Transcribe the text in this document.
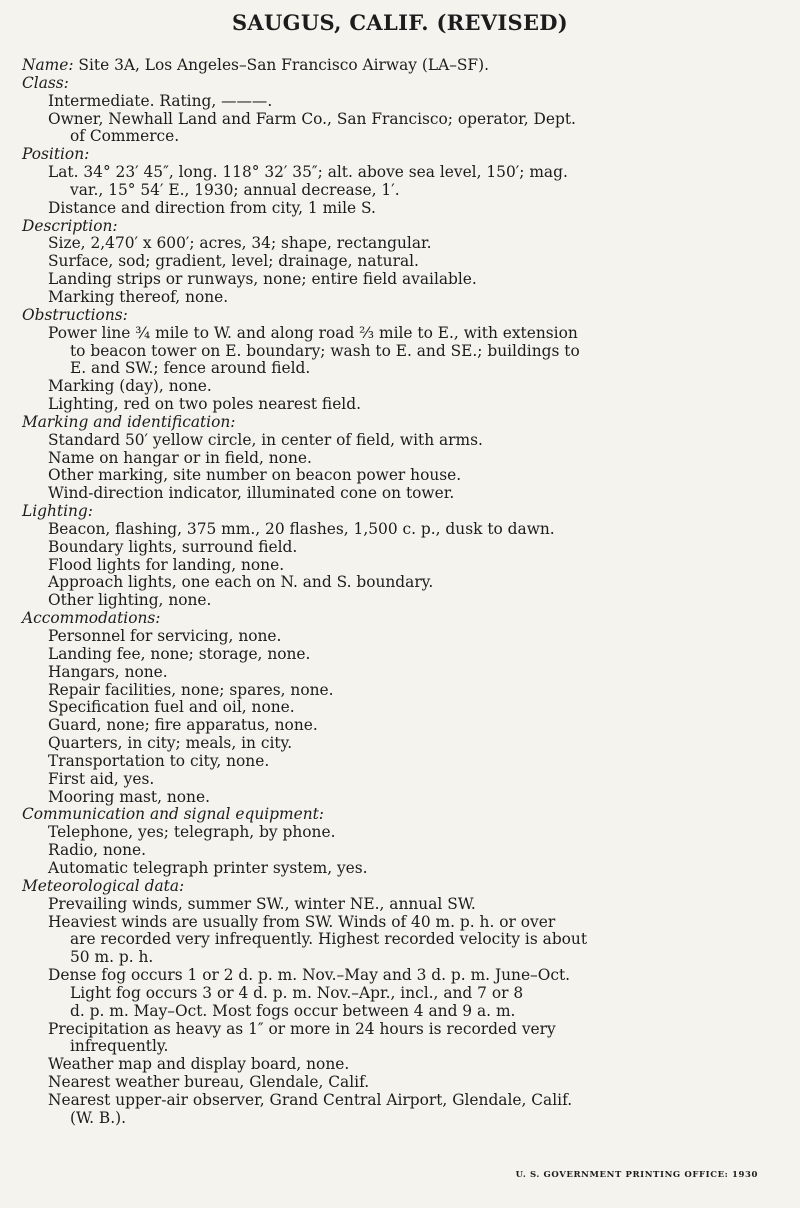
SAUGUS, CALIF. (REVISED)
Name: Site 3A, Los Angeles–San Francisco Airway (LA–SF).
Class:
Intermediate. Rating, ———.
Owner, Newhall Land and Farm Co., San Francisco; operator, Dept.
of Commerce.
Position:
Lat. 34° 23′ 45″, long. 118° 32′ 35″; alt. above sea level, 150′; mag.
var., 15° 54′ E., 1930; annual decrease, 1′.
Distance and direction from city, 1 mile S.
Description:
Size, 2,470′ x 600′; acres, 34; shape, rectangular.
Surface, sod; gradient, level; drainage, natural.
Landing strips or runways, none; entire field available.
Marking thereof, none.
Obstructions:
Power line ¾ mile to W. and along road ⅔ mile to E., with extension
to beacon tower on E. boundary; wash to E. and SE.; buildings to
E. and SW.; fence around field.
Marking (day), none.
Lighting, red on two poles nearest field.
Marking and identification:
Standard 50′ yellow circle, in center of field, with arms.
Name on hangar or in field, none.
Other marking, site number on beacon power house.
Wind-direction indicator, illuminated cone on tower.
Lighting:
Beacon, flashing, 375 mm., 20 flashes, 1,500 c. p., dusk to dawn.
Boundary lights, surround field.
Flood lights for landing, none.
Approach lights, one each on N. and S. boundary.
Other lighting, none.
Accommodations:
Personnel for servicing, none.
Landing fee, none; storage, none.
Hangars, none.
Repair facilities, none; spares, none.
Specification fuel and oil, none.
Guard, none; fire apparatus, none.
Quarters, in city; meals, in city.
Transportation to city, none.
First aid, yes.
Mooring mast, none.
Communication and signal equipment:
Telephone, yes; telegraph, by phone.
Radio, none.
Automatic telegraph printer system, yes.
Meteorological data:
Prevailing winds, summer SW., winter NE., annual SW.
Heaviest winds are usually from SW. Winds of 40 m. p. h. or over
are recorded very infrequently. Highest recorded velocity is about
50 m. p. h.
Dense fog occurs 1 or 2 d. p. m. Nov.–May and 3 d. p. m. June–Oct.
Light fog occurs 3 or 4 d. p. m. Nov.–Apr., incl., and 7 or 8
d. p. m. May–Oct. Most fogs occur between 4 and 9 a. m.
Precipitation as heavy as 1″ or more in 24 hours is recorded very
infrequently.
Weather map and display board, none.
Nearest weather bureau, Glendale, Calif.
Nearest upper-air observer, Grand Central Airport, Glendale, Calif.
(W. B.).
U. S. GOVERNMENT PRINTING OFFICE: 1930
